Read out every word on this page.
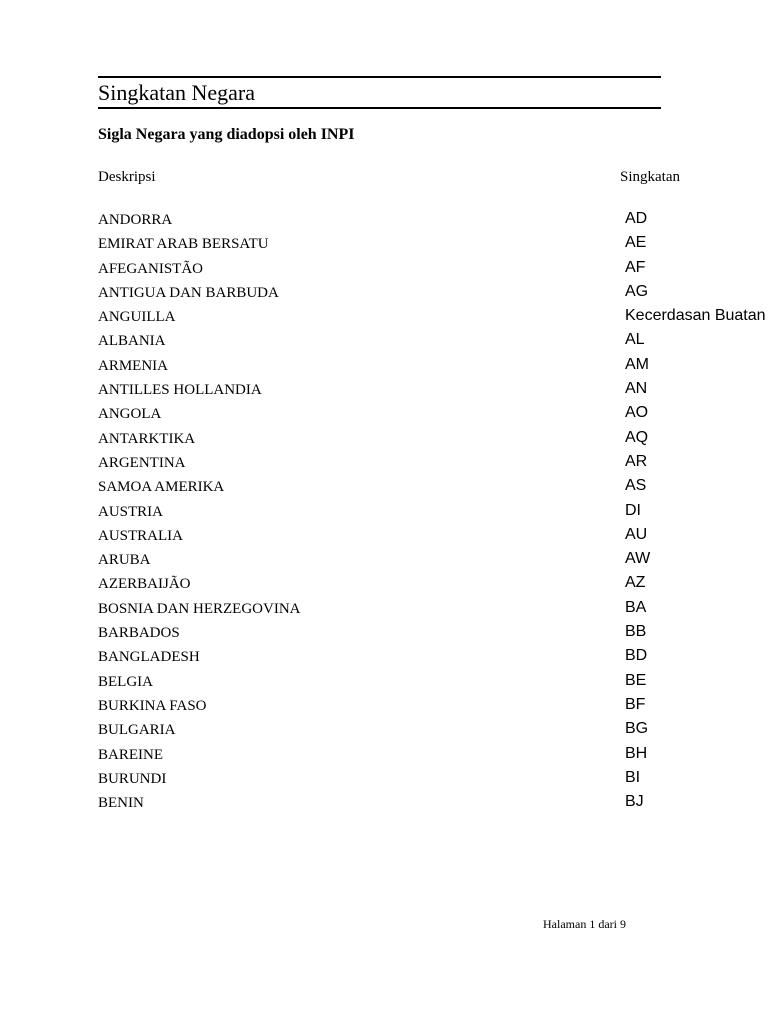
Singkatan Negara
Sigla Negara yang diadopsi oleh INPI
Deskripsi	Singkatan
ANDORRA	AD
EMIRAT ARAB BERSATU	AE
AFEGANISTÃO	AF
ANTIGUA DAN BARBUDA	AG
ANGUILLA	Kecerdasan Buatan
ALBANIA	AL
ARMENIA	AM
ANTILLES HOLLANDIA	AN
ANGOLA	AO
ANTARKTIKA	AQ
ARGENTINA	AR
SAMOA AMERIKA	AS
AUSTRIA	DI
AUSTRALIA	AU
ARUBA	AW
AZERBAIJÃO	AZ
BOSNIA DAN HERZEGOVINA	BA
BARBADOS	BB
BANGLADESH	BD
BELGIA	BE
BURKINA FASO	BF
BULGARIA	BG
BAREINE	BH
BURUNDI	BI
BENIN	BJ
Halaman 1 dari 9
